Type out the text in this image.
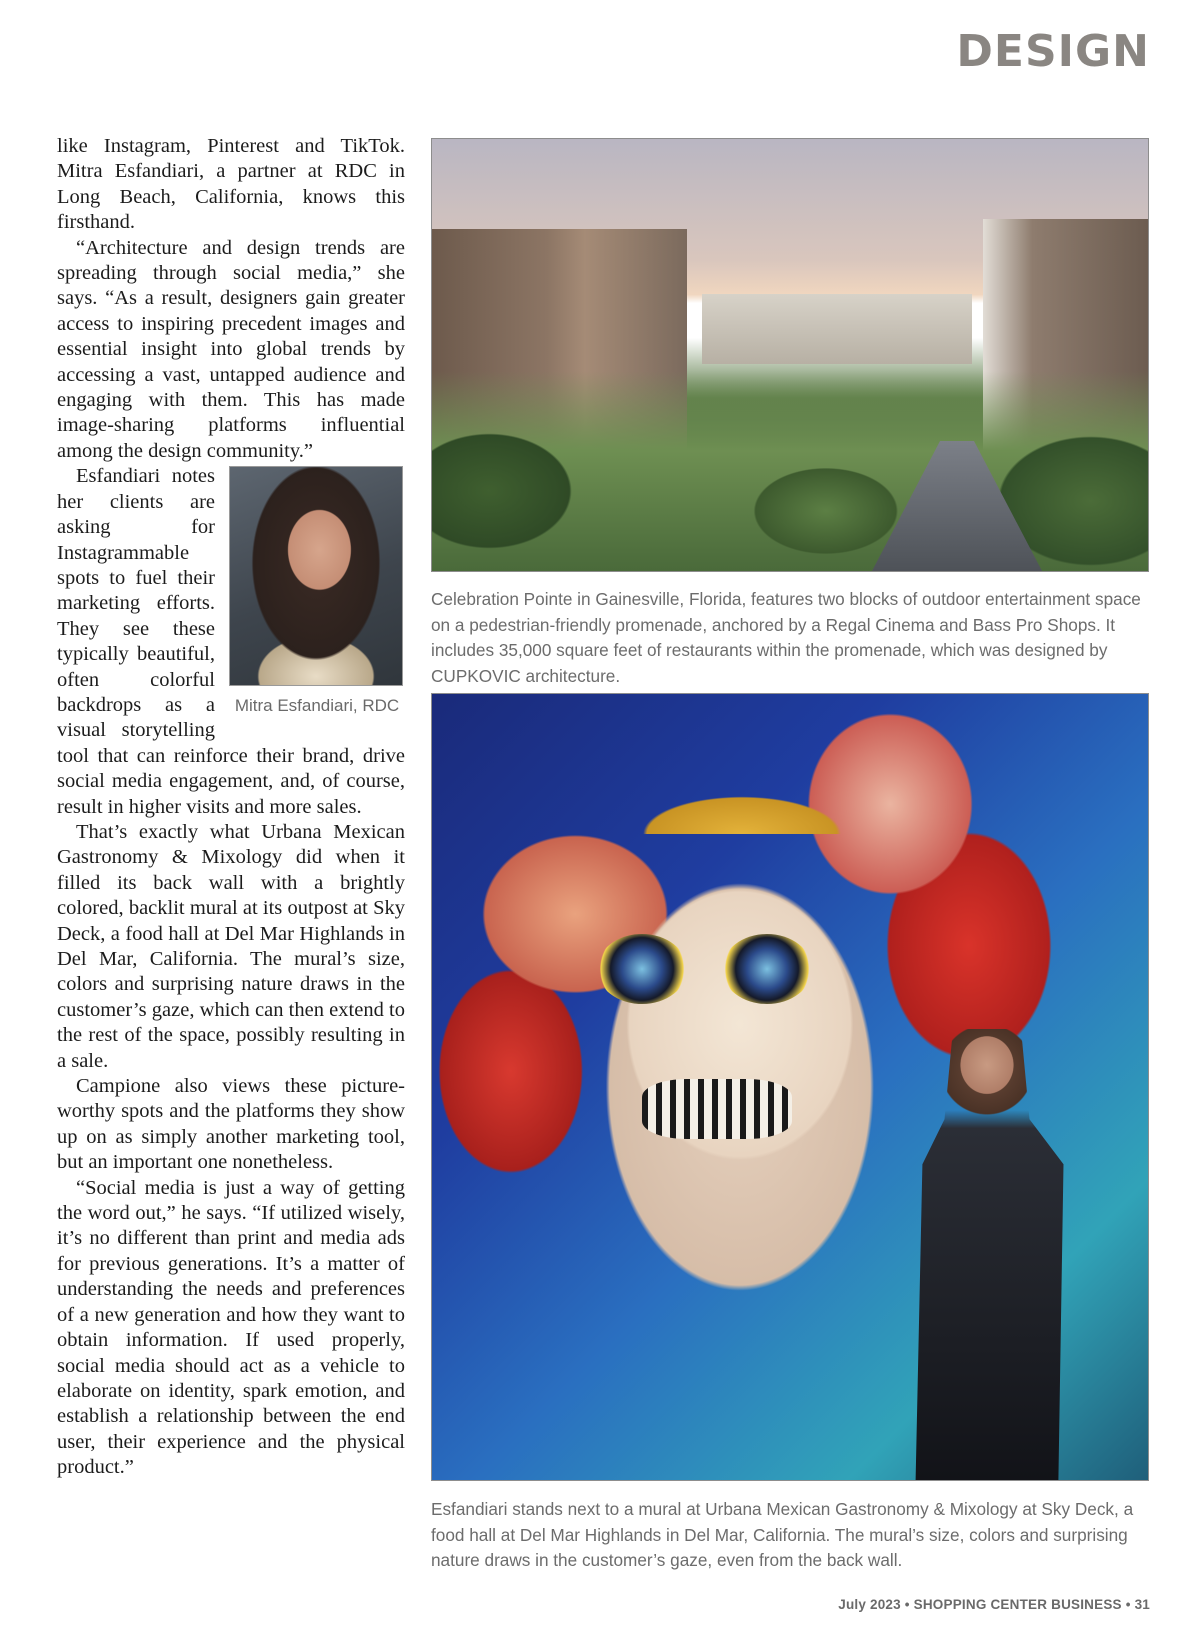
DESIGN

like Instagram, Pinterest and TikTok. Mitra Esfandiari, a partner at RDC in Long Beach, California, knows this firsthand.

“Architecture and design trends are spreading through social media,” she says. “As a result, designers gain greater access to inspiring precedent images and essential insight into global trends by accessing a vast, untapped audience and engaging with them. This has made image-sharing platforms influential among the design community.”

Mitra Esfandiari, RDC

Esfandiari notes her clients are asking for Instagrammable spots to fuel their marketing efforts. They see these typically beautiful, often colorful backdrops as a visual storytelling tool that can reinforce their brand, drive social media engagement, and, of course, result in higher visits and more sales.

That’s exactly what Urbana Mexican Gastronomy & Mixology did when it filled its back wall with a brightly colored, backlit mural at its outpost at Sky Deck, a food hall at Del Mar Highlands in Del Mar, California. The mural’s size, colors and surprising nature draws in the customer’s gaze, which can then extend to the rest of the space, possibly resulting in a sale.

Campione also views these picture-worthy spots and the platforms they show up on as simply another marketing tool, but an important one nonetheless.

“Social media is just a way of getting the word out,” he says. “If utilized wisely, it’s no different than print and media ads for previous generations. It’s a matter of understanding the needs and preferences of a new generation and how they want to obtain information. If used properly, social media should act as a vehicle to elaborate on identity, spark emotion, and establish a relationship between the end user, their experience and the physical product.”

Celebration Pointe in Gainesville, Florida, features two blocks of outdoor entertainment space on a pedestrian-friendly promenade, anchored by a Regal Cinema and Bass Pro Shops. It includes 35,000 square feet of restaurants within the promenade, which was designed by CUPKOVIC architecture.
Esfandiari stands next to a mural at Urbana Mexican Gastronomy & Mixology at Sky Deck, a food hall at Del Mar Highlands in Del Mar, California. The mural’s size, colors and surprising nature draws in the customer’s gaze, even from the back wall.
July 2023 • SHOPPING CENTER BUSINESS • 31
